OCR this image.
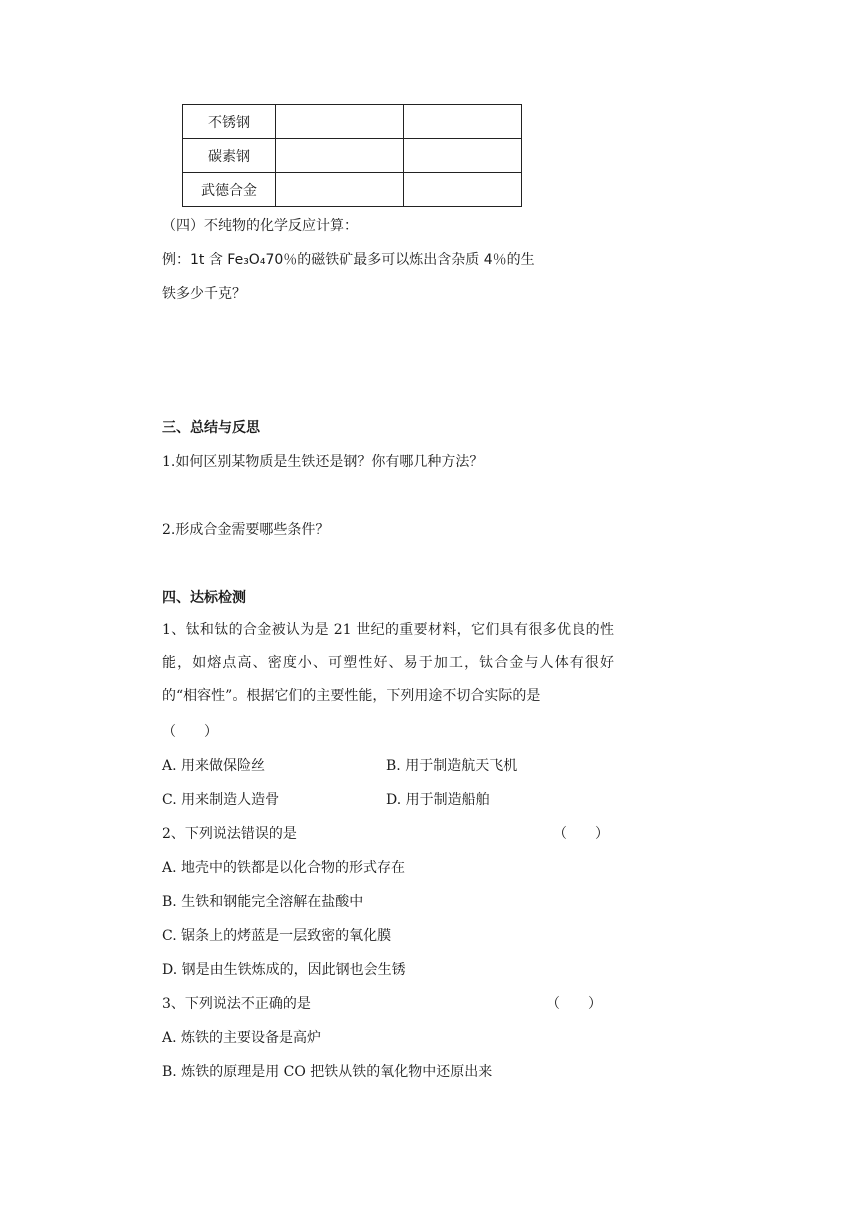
不锈钢		
碳素钢		
武德合金		
（四）不纯物的化学反应计算：
例：1t 含 Fe₃O₄70％的磁铁矿最多可以炼出含杂质 4％的生
铁多少千克？
三、总结与反思
1.如何区别某物质是生铁还是钢？你有哪几种方法？
2.形成合金需要哪些条件？
四、达标检测
1、钛和钛的合金被认为是 21 世纪的重要材料，它们具有很多优良的性能，如熔点高、密度小、可塑性好、易于加工，钛合金与人体有很好的“相容性”。根据它们的主要性能，下列用途不切合实际的是
（　　）
A. 用来做保险丝	B. 用于制造航天飞机
C. 用来制造人造骨	D. 用于制造船舶
2、下列说法错误的是	（　　）
A. 地壳中的铁都是以化合物的形式存在
B. 生铁和钢能完全溶解在盐酸中
C. 锯条上的烤蓝是一层致密的氧化膜
D. 钢是由生铁炼成的，因此钢也会生锈
3、下列说法不正确的是	（　　）
A. 炼铁的主要设备是高炉
B. 炼铁的原理是用 CO 把铁从铁的氧化物中还原出来
